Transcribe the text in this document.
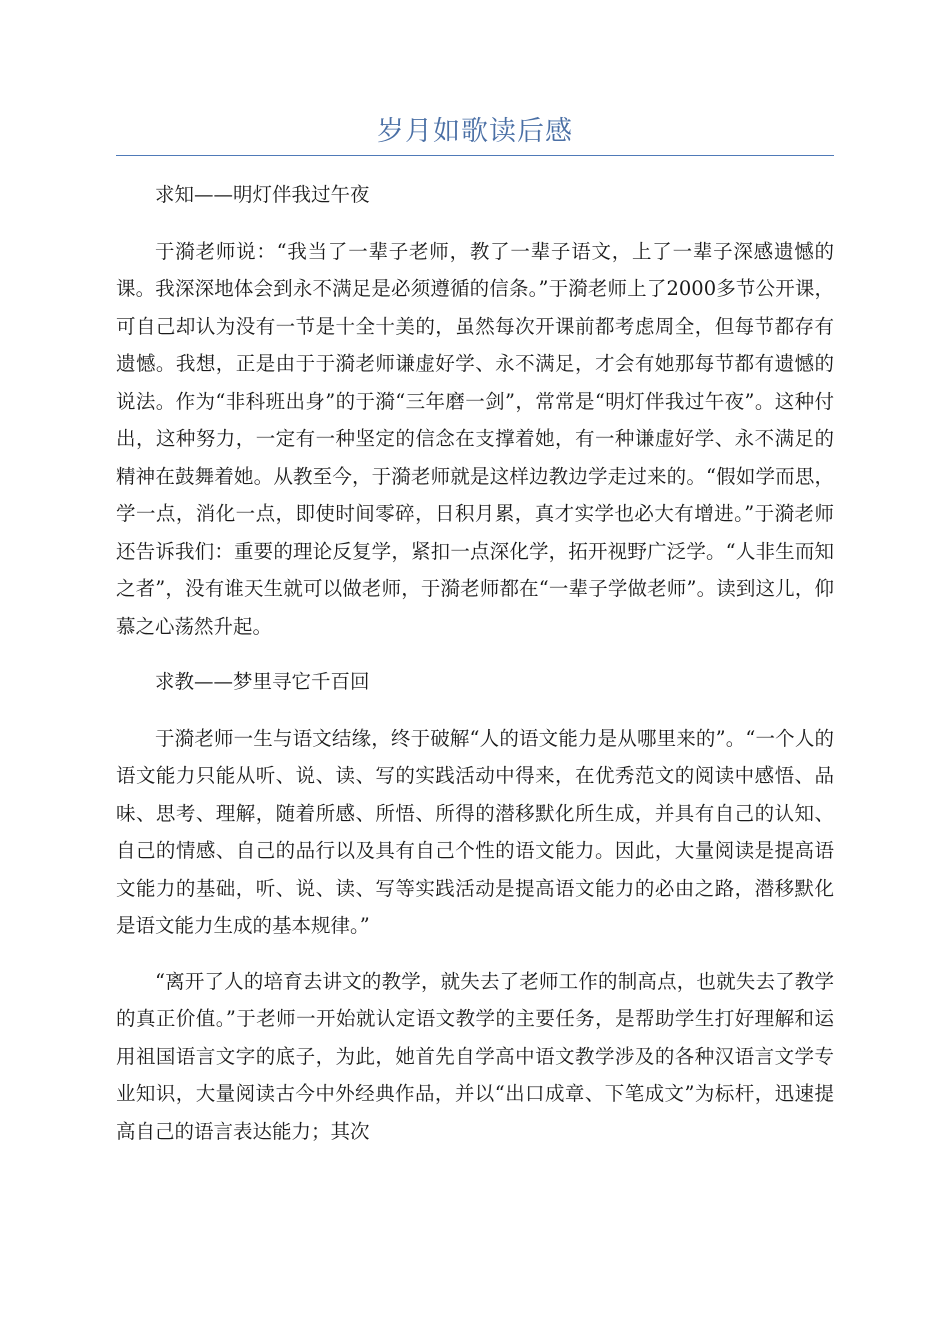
岁月如歌读后感

求知——明灯伴我过午夜

于漪老师说：“我当了一辈子老师，教了一辈子语文，上了一辈子深感遗憾的课。我深深地体会到永不满足是必须遵循的信条。”于漪老师上了2000多节公开课，可自己却认为没有一节是十全十美的，虽然每次开课前都考虑周全，但每节都存有遗憾。我想，正是由于于漪老师谦虚好学、永不满足，才会有她那每节都有遗憾的说法。作为“非科班出身”的于漪“三年磨一剑”，常常是“明灯伴我过午夜”。这种付出，这种努力，一定有一种坚定的信念在支撑着她，有一种谦虚好学、永不满足的精神在鼓舞着她。从教至今，于漪老师就是这样边教边学走过来的。“假如学而思，学一点，消化一点，即使时间零碎，日积月累，真才实学也必大有增进。”于漪老师还告诉我们：重要的理论反复学，紧扣一点深化学，拓开视野广泛学。“人非生而知之者”，没有谁天生就可以做老师，于漪老师都在“一辈子学做老师”。读到这儿，仰慕之心荡然升起。

求教——梦里寻它千百回

于漪老师一生与语文结缘，终于破解“人的语文能力是从哪里来的”。“一个人的语文能力只能从听、说、读、写的实践活动中得来，在优秀范文的阅读中感悟、品味、思考、理解，随着所感、所悟、所得的潜移默化所生成，并具有自己的认知、自己的情感、自己的品行以及具有自己个性的语文能力。因此，大量阅读是提高语文能力的基础，听、说、读、写等实践活动是提高语文能力的必由之路，潜移默化是语文能力生成的基本规律。”

“离开了人的培育去讲文的教学，就失去了老师工作的制高点，也就失去了教学的真正价值。”于老师一开始就认定语文教学的主要任务，是帮助学生打好理解和运用祖国语言文字的底子，为此，她首先自学高中语文教学涉及的各种汉语言文学专业知识，大量阅读古今中外经典作品，并以“出口成章、下笔成文”为标杆，迅速提高自己的语言表达能力；其次
